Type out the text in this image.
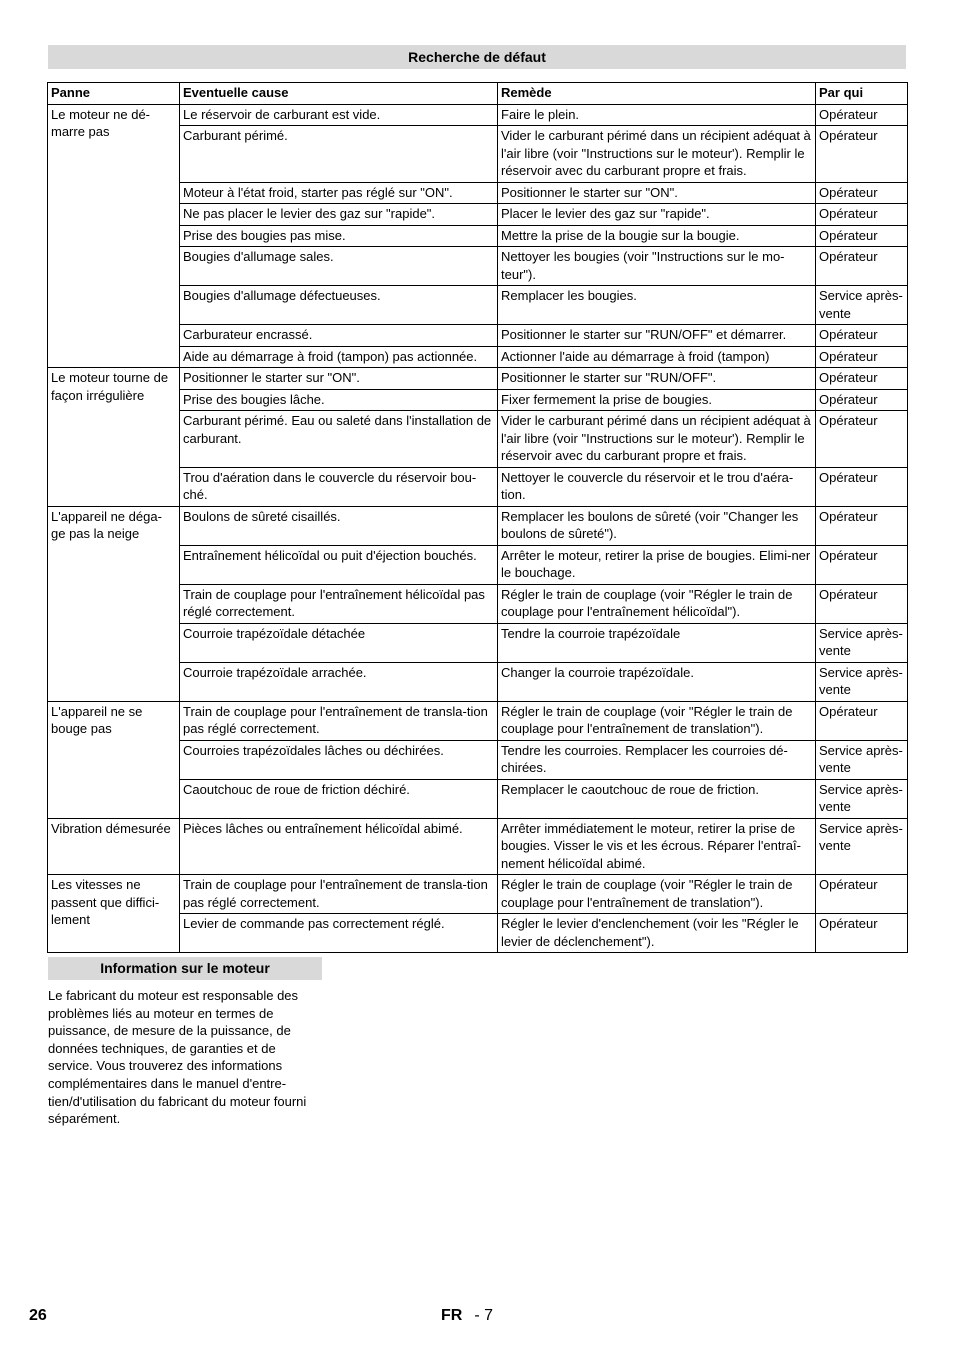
Recherche de défaut
Panne	Eventuelle cause	Remède	Par qui
Le moteur ne dé-marre pas	Le réservoir de carburant est vide.	Faire le plein.	Opérateur
	Carburant périmé.	Vider le carburant périmé dans un récipient adéquat à l'air libre (voir "Instructions sur le moteur'). Remplir le réservoir avec du carburant propre et frais.	Opérateur
	Moteur à l'état froid, starter pas réglé sur "ON".	Positionner le starter sur "ON".	Opérateur
	Ne pas placer le levier des gaz sur "rapide".	Placer le levier des gaz sur "rapide".	Opérateur
	Prise des bougies pas mise.	Mettre la prise de la bougie sur la bougie.	Opérateur
	Bougies d'allumage sales.	Nettoyer les bougies (voir "Instructions sur le mo-teur").	Opérateur
	Bougies d'allumage défectueuses.	Remplacer les bougies.	Service après-vente
	Carburateur encrassé.	Positionner le starter sur "RUN/OFF" et démarrer.	Opérateur
	Aide au démarrage à froid (tampon) pas actionnée.	Actionner l'aide au démarrage à froid (tampon)	Opérateur
Le moteur tourne de façon irrégulière	Positionner le starter sur "ON".	Positionner le starter sur "RUN/OFF".	Opérateur
	Prise des bougies lâche.	Fixer fermement la prise de bougies.	Opérateur
	Carburant périmé. Eau ou saleté dans l'installation de carburant.	Vider le carburant périmé dans un récipient adéquat à l'air libre (voir "Instructions sur le moteur'). Remplir le réservoir avec du carburant propre et frais.	Opérateur
	Trou d'aération dans le couvercle du réservoir bou-ché.	Nettoyer le couvercle du réservoir et le trou d'aéra-tion.	Opérateur
L'appareil ne déga-ge pas la neige	Boulons de sûreté cisaillés.	Remplacer les boulons de sûreté (voir "Changer les boulons de sûreté").	Opérateur
	Entraînement hélicoïdal ou puit d'éjection bouchés.	Arrêter le moteur, retirer la prise de bougies. Elimi-ner le bouchage.	Opérateur
	Train de couplage pour l'entraînement hélicoïdal pas réglé correctement.	Régler le train de couplage (voir "Régler le train de couplage pour l'entraînement hélicoïdal").	Opérateur
	Courroie trapézoïdale détachée	Tendre la courroie trapézoïdale	Service après-vente
	Courroie trapézoïdale arrachée.	Changer la courroie trapézoïdale.	Service après-vente
L'appareil ne se bouge pas	Train de couplage pour l'entraînement de transla-tion pas réglé correctement.	Régler le train de couplage (voir "Régler le train de couplage pour l'entraînement de translation").	Opérateur
	Courroies trapézoïdales lâches ou déchirées.	Tendre les courroies. Remplacer les courroies dé-chirées.	Service après-vente
	Caoutchouc de roue de friction déchiré.	Remplacer le caoutchouc de roue de friction.	Service après-vente
Vibration démesurée	Pièces lâches ou entraînement hélicoïdal abimé.	Arrêter immédiatement le moteur, retirer la prise de bougies. Visser le vis et les écrous. Réparer l'entraî-nement hélicoïdal abimé.	Service après-vente
Les vitesses ne passent que diffici-lement	Train de couplage pour l'entraînement de transla-tion pas réglé correctement.	Régler le train de couplage (voir "Régler le train de couplage pour l'entraînement de translation").	Opérateur
	Levier de commande pas correctement réglé.	Régler le levier d'enclenchement (voir les "Régler le levier de déclenchement").	Opérateur
Information sur le moteur
Le fabricant du moteur est responsable des problèmes liés au moteur en termes de puissance, de mesure de la puissance, de données techniques, de garanties et de service. Vous trouverez des informations complémentaires dans le manuel d'entre-tien/d'utilisation du fabricant du moteur fourni séparément.
26	FR - 7
